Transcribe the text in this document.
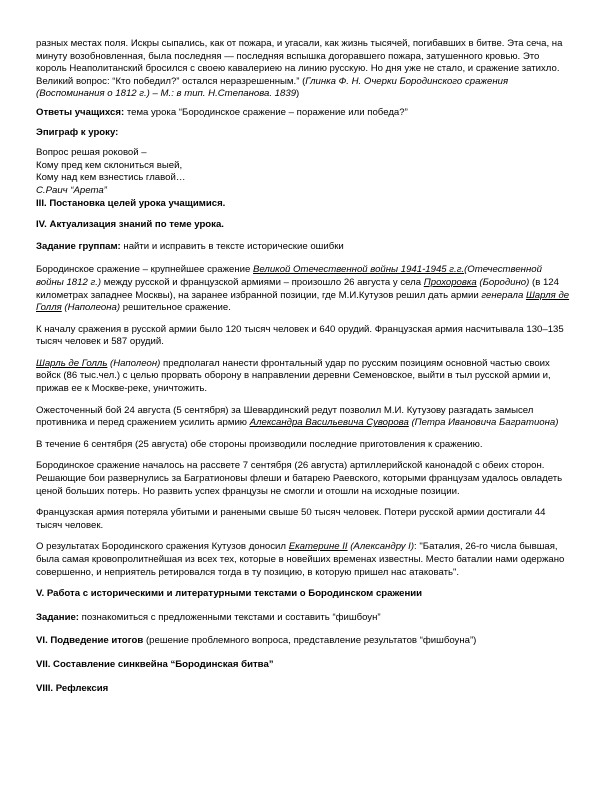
разных местах поля. Искры сыпались, как от пожара, и угасали, как жизнь тысячей, погибавших в битве. Эта сеча, на минуту возобновленная, была последняя — последняя вспышка догоравшего пожара, затушенного кровью. Это король Неаполитанский бросился с своею кавалериею на линию русскую. Но дня уже не стало, и сражение затихло. Великий вопрос: “Кто победил?” остался неразрешенным.” (Глинка Ф. Н. Очерки Бородинского сражения (Воспоминания о 1812 г.) – М.: в тип. Н.Степанова. 1839)

Ответы учащихся: тема урока “Бородинское сражение – поражение или победа?”

Эпиграф к уроку:

Вопрос решая роковой –
Кому пред кем склониться выей,
Кому над кем взнестись главой…
С.Раич “Арета”

III. Постановка целей урока учащимися.

IV. Актуализация знаний по теме урока.

Задание группам: найти и исправить в тексте исторические ошибки

Бородинское сражение – крупнейшее сражение Великой Отечественной войны 1941-1945 г.г.(Отечественной войны 1812 г.) между русской и французской армиями – произошло 26 августа у села Прохоровка (Бородино) (в 124 километрах западнее Москвы), на заранее избранной позиции, где М.И.Кутузов решил дать армии генерала Шарля де Голля (Наполеона) решительное сражение.

К началу сражения в русской армии было 120 тысяч человек и 640 орудий. Французская армия насчитывала 130–135 тысяч человек и 587 орудий.

Шарль де Голль (Наполеон) предполагал нанести фронтальный удар по русским позициям основной частью своих войск (86 тыс.чел.) с целью прорвать оборону в направлении деревни Семеновское, выйти в тыл русской армии и, прижав ее к Москве-реке, уничтожить.

Ожесточенный бой 24 августа (5 сентября) за Шевардинский редут позволил М.И. Кутузову разгадать замысел противника и перед сражением усилить армию Александра Васильевича Суворова (Петра Ивановича Багратиона)

В течение 6 сентября (25 августа) обе стороны производили последние приготовления к сражению.

Бородинское сражение началось на рассвете 7 сентября (26 августа) артиллерийской канонадой с обеих сторон. Решающие бои развернулись за Багратионовы флеши и батарею Раевского, которыми французам удалось овладеть ценой больших потерь. Но развить успех французы не смогли и отошли на исходные позиции.

Французская армия потеряла убитыми и ранеными свыше 50 тысяч человек. Потери русской армии достигали 44 тысяч человек.

О результатах Бородинского сражения Кутузов доносил Екатерине II (Александру I): "Баталия, 26-го числа бывшая, была самая кровопролитнейшая из всех тех, которые в новейших временах известны. Место баталии нами одержано совершенно, и неприятель ретировался тогда в ту позицию, в которую пришел нас атаковать".

V. Работа с историческими и литературными текстами о Бородинском сражении

Задание: познакомиться с предложенными текстами и составить “фишбоун”

VI. Подведение итогов (решение проблемного вопроса, представление результатов “фишбоуна”)

VII. Составление синквейна “Бородинская битва”

VIII. Рефлексия
